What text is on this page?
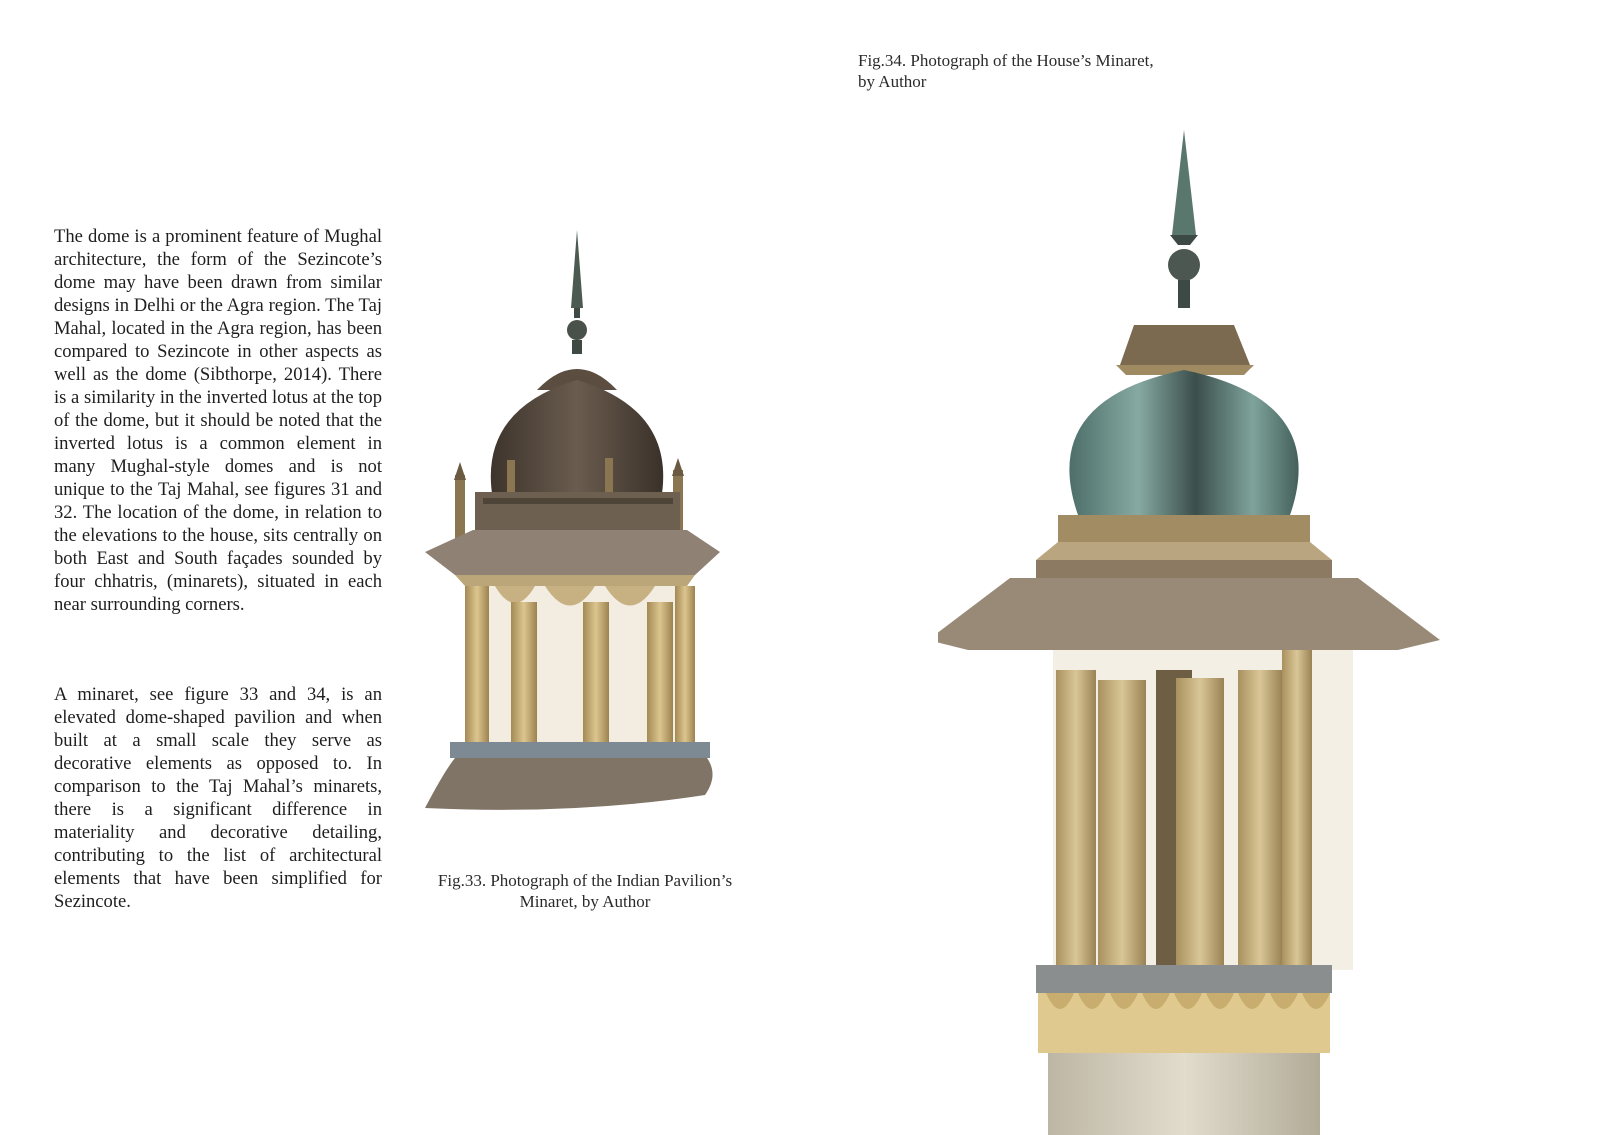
The dome is a prominent feature of Mughal architecture, the form of the Sezincote’s dome may have been drawn from similar designs in Delhi or the Agra region. The Taj Mahal, located in the Agra region, has been compared to Sezincote in other aspects as well as the dome (Sibthorpe, 2014). There is a similarity in the inverted lotus at the top of the dome, but it should be noted that the inverted lotus is a common element in many Mughal-style domes and is not unique to the Taj Mahal, see figures 31 and 32. The location of the dome, in relation to the elevations to the house, sits centrally on both East and South façades sounded by four chhatris, (minarets), situated in each near surrounding corners.

A minaret, see figure 33 and 34, is an elevated dome-shaped pavilion and when built at a small scale they serve as decorative elements as opposed to. In comparison to the Taj Mahal’s minarets, there is a significant difference in materiality and decorative detailing, contributing to the list of architectural elements that have been simplified for Sezincote.

Fig.33. Photograph of the Indian Pavilion’s
Minaret, by Author
Fig.34. Photograph of the House’s Minaret,
by Author
